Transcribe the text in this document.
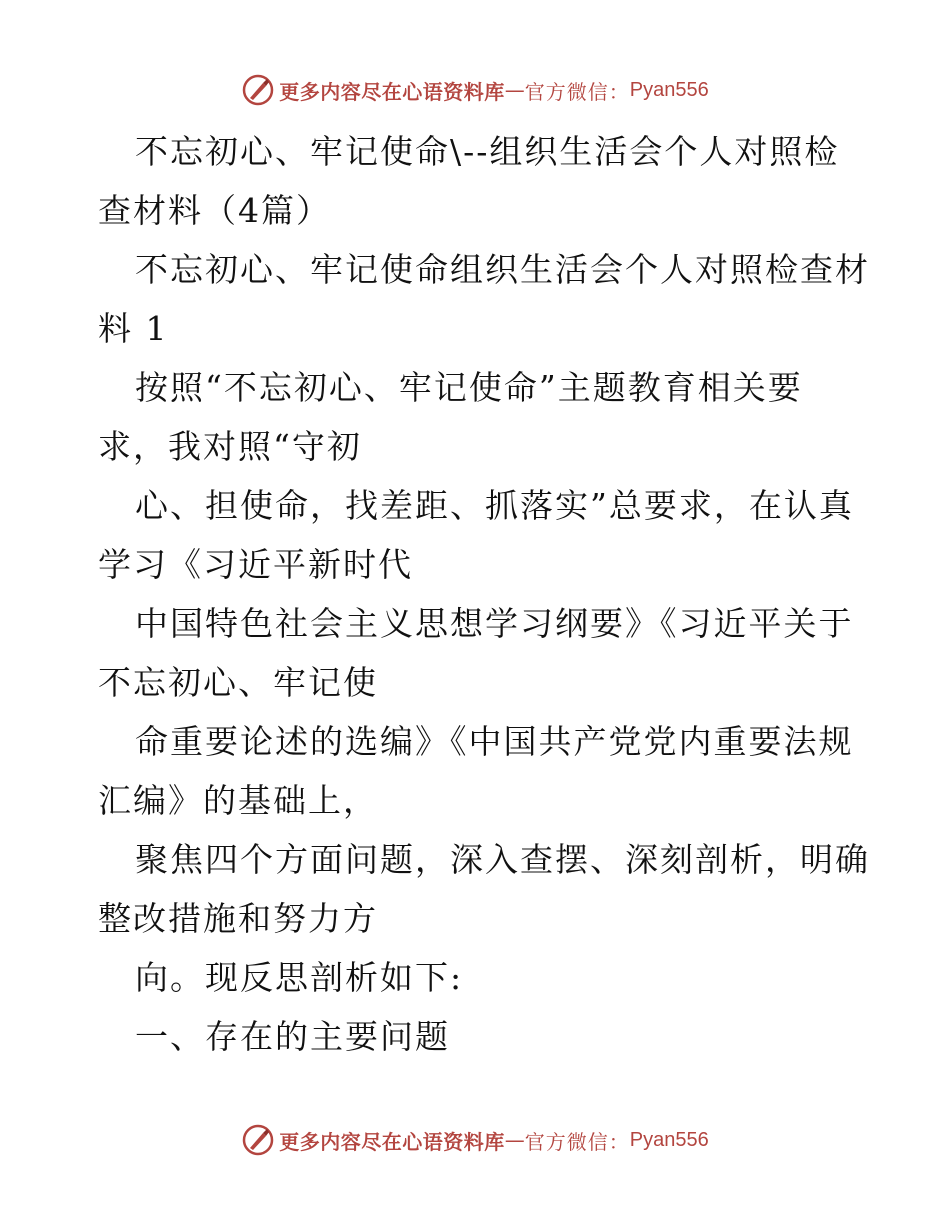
更多内容尽在心语资料库 — 官方微信： Pyan556
不忘初心、牢记使命\--组织生活会个人对照检
查材料（4篇）
不忘初心、牢记使命组织生活会个人对照检查材
料 1
按照“不忘初心、牢记使命”主题教育相关要
求，我对照“守初
心、担使命，找差距、抓落实”总要求，在认真
学习《习近平新时代
中国特色社会主义思想学习纲要》《习近平关于
不忘初心、牢记使
命重要论述的选编》《中国共产党党内重要法规
汇编》的基础上，
聚焦四个方面问题，深入查摆、深刻剖析，明确
整改措施和努力方
向。现反思剖析如下:
一、存在的主要问题
更多内容尽在心语资料库 — 官方微信： Pyan556
